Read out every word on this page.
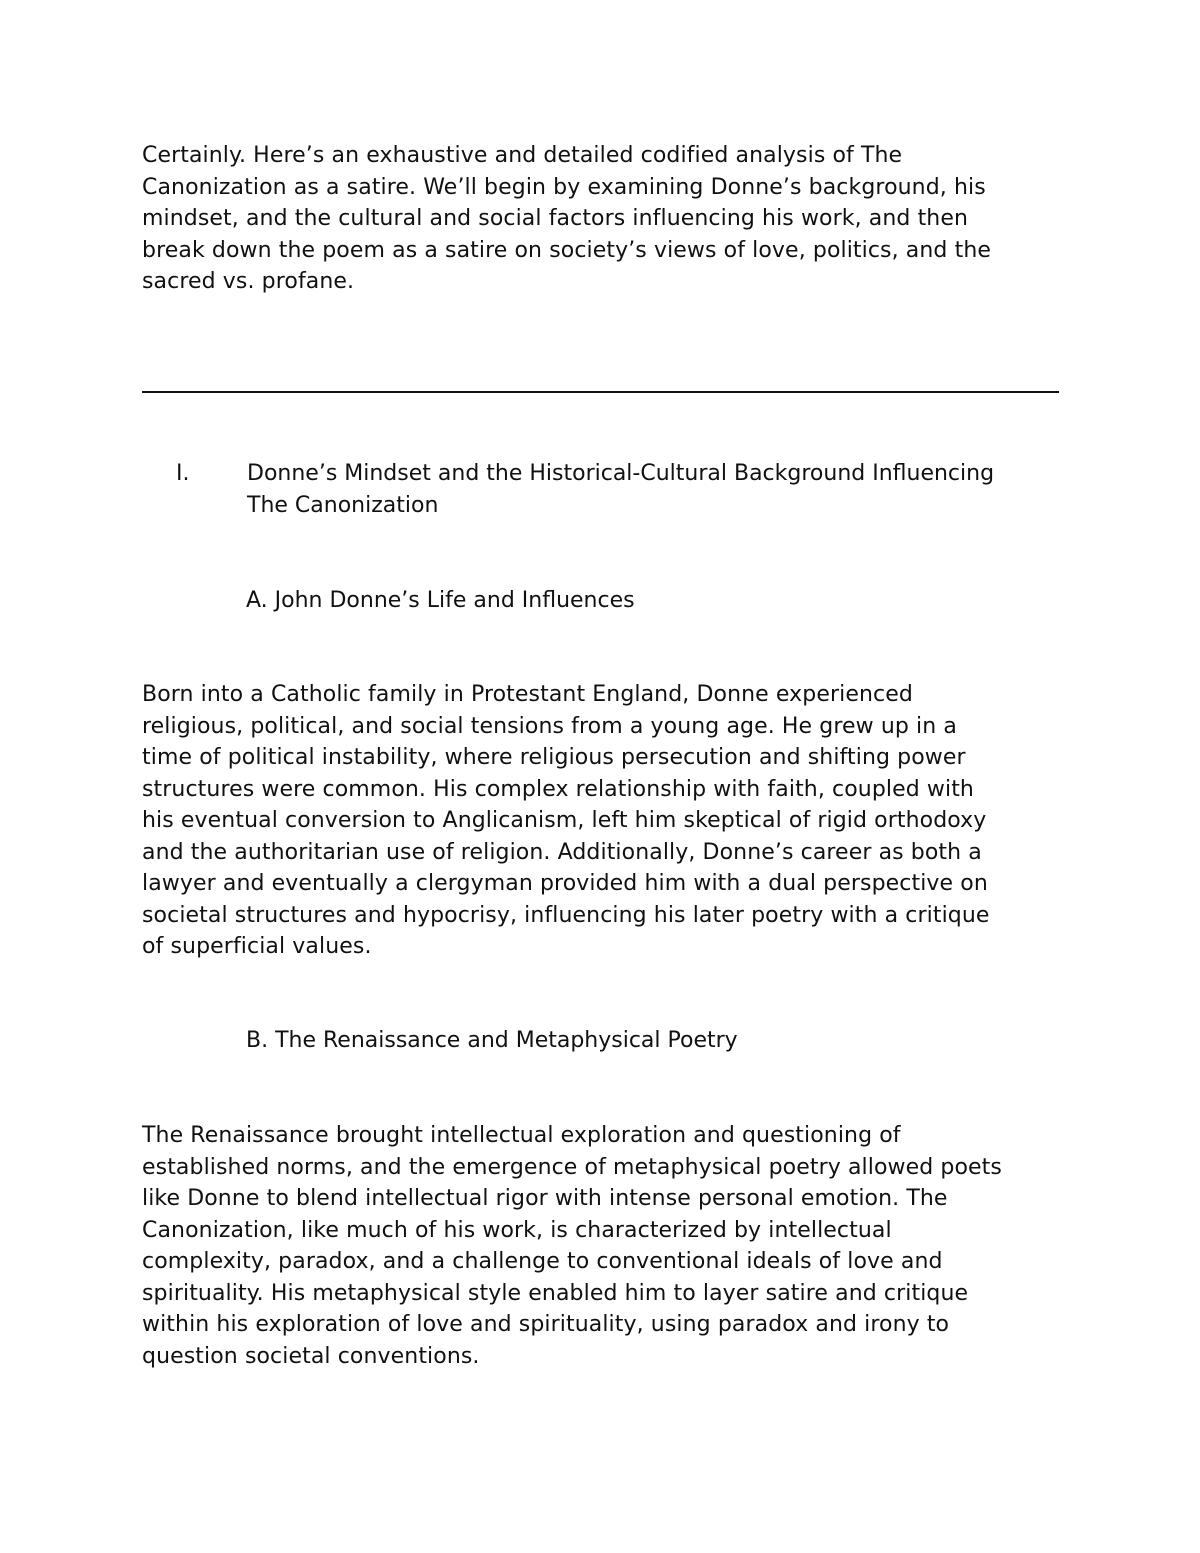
Certainly. Here’s an exhaustive and detailed codified analysis of The
Canonization as a satire. We’ll begin by examining Donne’s background, his
mindset, and the cultural and social factors influencing his work, and then
break down the poem as a satire on society’s views of love, politics, and the
sacred vs. profane.

I.	Donne’s Mindset and the Historical-Cultural Background Influencing
The Canonization

A. John Donne’s Life and Influences

Born into a Catholic family in Protestant England, Donne experienced
religious, political, and social tensions from a young age. He grew up in a
time of political instability, where religious persecution and shifting power
structures were common. His complex relationship with faith, coupled with
his eventual conversion to Anglicanism, left him skeptical of rigid orthodoxy
and the authoritarian use of religion. Additionally, Donne’s career as both a
lawyer and eventually a clergyman provided him with a dual perspective on
societal structures and hypocrisy, influencing his later poetry with a critique
of superficial values.

B. The Renaissance and Metaphysical Poetry

The Renaissance brought intellectual exploration and questioning of
established norms, and the emergence of metaphysical poetry allowed poets
like Donne to blend intellectual rigor with intense personal emotion. The
Canonization, like much of his work, is characterized by intellectual
complexity, paradox, and a challenge to conventional ideals of love and
spirituality. His metaphysical style enabled him to layer satire and critique
within his exploration of love and spirituality, using paradox and irony to
question societal conventions.
